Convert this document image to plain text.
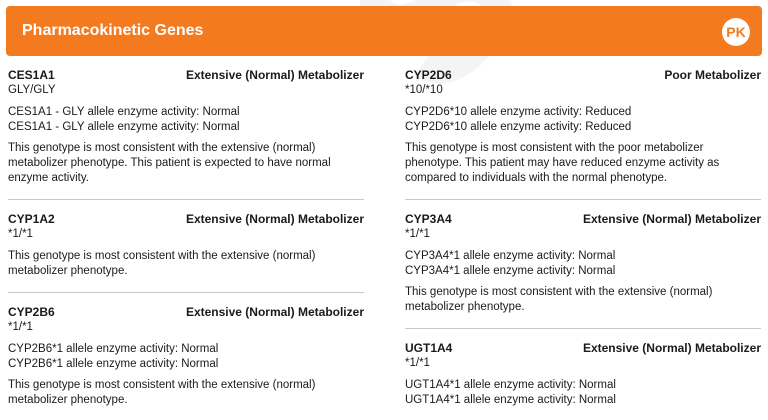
Pharmacokinetic Genes	PK
CES1A1	Extensive (Normal) Metabolizer
GLY/GLY
CES1A1 - GLY allele enzyme activity: Normal
CES1A1 - GLY allele enzyme activity: Normal
This genotype is most consistent with the extensive (normal) metabolizer phenotype. This patient is expected to have normal enzyme activity.
CYP1A2	Extensive (Normal) Metabolizer
*1/*1
This genotype is most consistent with the extensive (normal) metabolizer phenotype.
CYP2B6	Extensive (Normal) Metabolizer
*1/*1
CYP2B6*1 allele enzyme activity: Normal
CYP2B6*1 allele enzyme activity: Normal
This genotype is most consistent with the extensive (normal) metabolizer phenotype.
CYP2D6	Poor Metabolizer
*10/*10
CYP2D6*10 allele enzyme activity: Reduced
CYP2D6*10 allele enzyme activity: Reduced
This genotype is most consistent with the poor metabolizer phenotype. This patient may have reduced enzyme activity as compared to individuals with the normal phenotype.
CYP3A4	Extensive (Normal) Metabolizer
*1/*1
CYP3A4*1 allele enzyme activity: Normal
CYP3A4*1 allele enzyme activity: Normal
This genotype is most consistent with the extensive (normal) metabolizer phenotype.
UGT1A4	Extensive (Normal) Metabolizer
*1/*1
UGT1A4*1 allele enzyme activity: Normal
UGT1A4*1 allele enzyme activity: Normal
